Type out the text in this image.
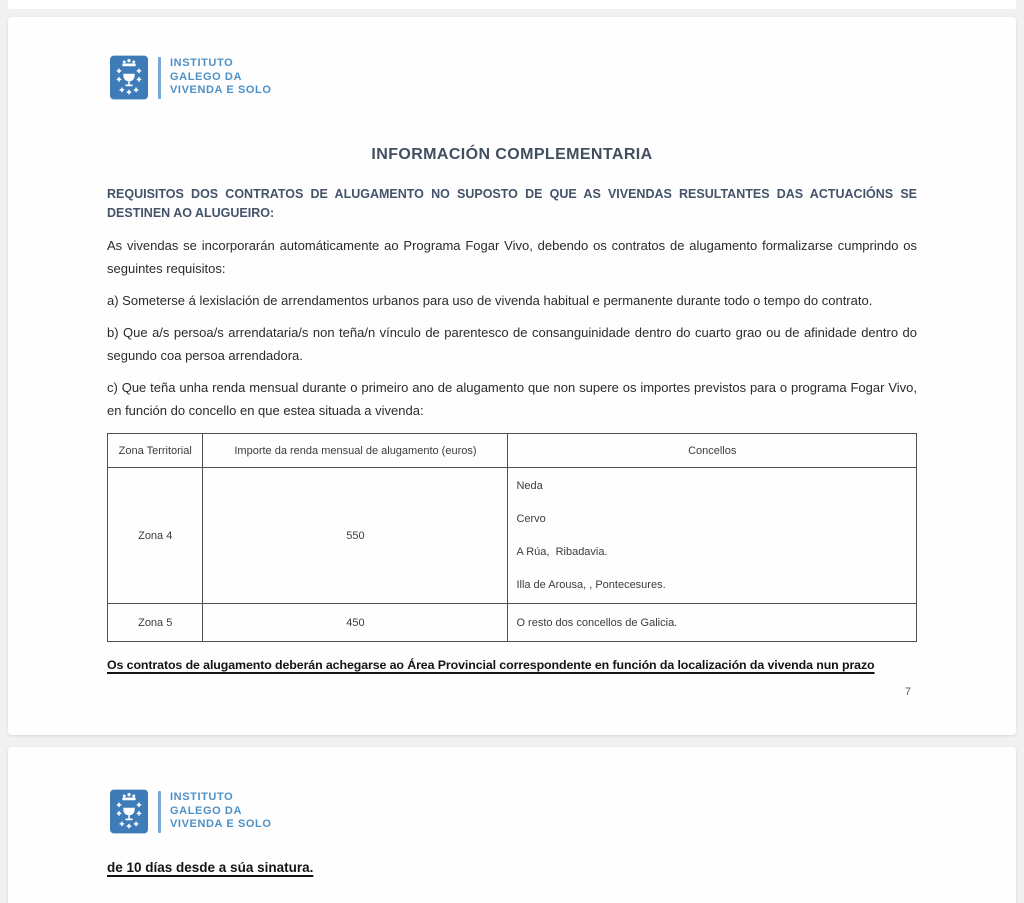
INSTITUTO
GALEGO DA
VIVENDA E SOLO
INFORMACIÓN COMPLEMENTARIA
REQUISITOS DOS CONTRATOS DE ALUGAMENTO NO SUPOSTO DE QUE AS VIVENDAS RESULTANTES DAS ACTUACIÓNS SE DESTINEN AO ALUGUEIRO:
As vivendas se incorporarán automáticamente ao Programa Fogar Vivo, debendo os contratos de alugamento formalizarse cumprindo os seguintes requisitos:
a) Someterse á lexislación de arrendamentos urbanos para uso de vivenda habitual e permanente durante todo o tempo do contrato.
b) Que a/s persoa/s arrendataria/s non teña/n vínculo de parentesco de consanguinidade dentro do cuarto grao ou de afinidade dentro do segundo coa persoa arrendadora.
c) Que teña unha renda mensual durante o primeiro ano de alugamento que non supere os importes previstos para o programa Fogar Vivo, en función do concello en que estea situada a vivenda:
Zona Territorial	Importe da renda mensual de alugamento (euros)	Concellos
Zona 4	550	Neda
Cervo
A Rúa,  Ribadavia.
Illa de Arousa, , Pontecesures.

Zona 5	450	O resto dos concellos de Galicia.
Os contratos de alugamento deberán achegarse ao Área Provincial correspondente en función da localización da vivenda nun prazo
7
INSTITUTO
GALEGO DA
VIVENDA E SOLO
de 10 días desde a súa sinatura.
